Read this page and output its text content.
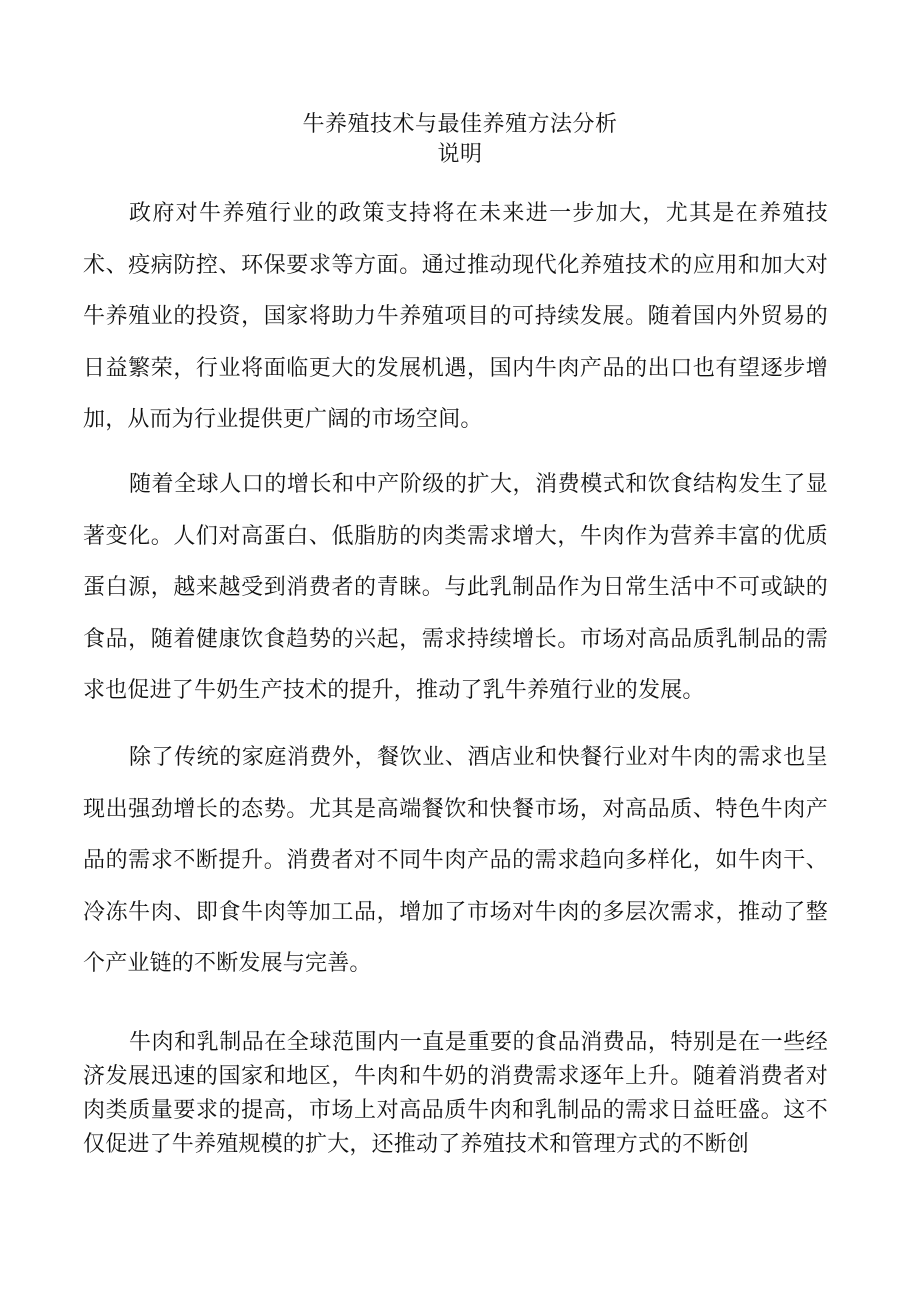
牛养殖技术与最佳养殖方法分析
说明

政府对牛养殖行业的政策支持将在未来进一步加大，尤其是在养殖技术、疫病防控、环保要求等方面。通过推动现代化养殖技术的应用和加大对牛养殖业的投资，国家将助力牛养殖项目的可持续发展。随着国内外贸易的日益繁荣，行业将面临更大的发展机遇，国内牛肉产品的出口也有望逐步增加，从而为行业提供更广阔的市场空间。

随着全球人口的增长和中产阶级的扩大，消费模式和饮食结构发生了显著变化。人们对高蛋白、低脂肪的肉类需求增大，牛肉作为营养丰富的优质蛋白源，越来越受到消费者的青睐。与此乳制品作为日常生活中不可或缺的食品，随着健康饮食趋势的兴起，需求持续增长。市场对高品质乳制品的需求也促进了牛奶生产技术的提升，推动了乳牛养殖行业的发展。

除了传统的家庭消费外，餐饮业、酒店业和快餐行业对牛肉的需求也呈现出强劲增长的态势。尤其是高端餐饮和快餐市场，对高品质、特色牛肉产品的需求不断提升。消费者对不同牛肉产品的需求趋向多样化，如牛肉干、冷冻牛肉、即食牛肉等加工品，增加了市场对牛肉的多层次需求，推动了整个产业链的不断发展与完善。

牛肉和乳制品在全球范围内一直是重要的食品消费品，特别是在一些经济发展迅速的国家和地区，牛肉和牛奶的消费需求逐年上升。随着消费者对肉类质量要求的提高，市场上对高品质牛肉和乳制品的需求日益旺盛。这不仅促进了牛养殖规模的扩大，还推动了养殖技术和管理方式的不断创
